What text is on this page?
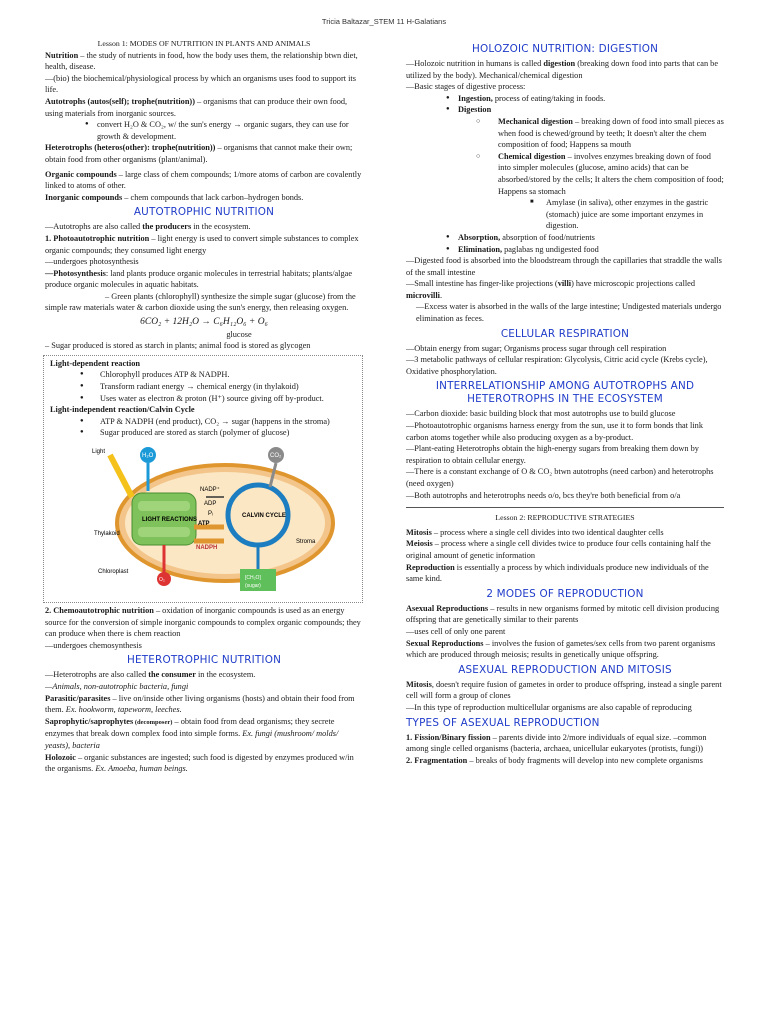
Tricia Baltazar_STEM 11 H-Galatians

Lesson 1: MODES OF NUTRITION IN PLANTS AND ANIMALS

Nutrition – the study of nutrients in food, how the body uses them, the relationship btwn diet, health, disease.

—(bio) the biochemical/physiological process by which an organisms uses food to support its life.

Autotrophs (autos(self); trophe(nutrition)) – organisms that can produce their own food, using materials from inorganic sources.

● convert H₂O & CO₂, w/ the sun's energy → organic sugars, they can use for growth & development.

Heterotrophs (heteros(other): trophe(nutrition)) – organisms that cannot make their own; obtain food from other organisms (plant/animal).

Organic compounds – large class of chem compounds; 1/more atoms of carbon are covalently linked to atoms of other.

Inorganic compounds – chem compounds that lack carbon–hydrogen bonds.

AUTOTROPHIC NUTRITION

—Autotrophs are also called the producers in the ecosystem.

1. Photoautotrophic nutrition – light energy is used to convert simple substances to complex organic compounds; they consumed light energy

—undergoes photosynthesis

—Photosynthesis: land plants produce organic molecules in terrestrial habitats; plants/algae produce organic molecules in aquatic habitats.

– Green plants (chlorophyll) synthesize the simple sugar (glucose) from the simple raw materials water & carbon dioxide using the sun's energy, then releasing oxygen.

6CO₂ + 12H₂O → C₆H₁₂O₆ + O₆

glucose

– Sugar produced is stored as starch in plants; animal food is stored as glycogen

Light-dependent reaction

● Chlorophyll produces ATP & NADPH.
● Transform radiant energy → chemical energy (in thylakoid)
● Uses water as electron & proton (H⁺) source giving off by-product.

Light-independent reaction/Calvin Cycle

● ATP & NADPH (end product), CO₂ → sugar (happens in the stroma)
● Sugar produced are stored as starch (polymer of glucose)
Light
H₂O	CO₂
NADP⁺
ADP
Pᵢ
LIGHT REACTIONS
CALVIN CYCLE
ATP
NADPH
Thylakoid
Stroma
Chloroplast
O₂	[CH₂O]
(sugar)

2. Chemoautotrophic nutrition – oxidation of inorganic compounds is used as an energy source for the conversion of simple inorganic compounds to complex organic compounds; they can produce when there is chem reaction

—undergoes chemosynthesis

HETEROTROPHIC NUTRITION

—Heterotrophs are also called the consumer in the ecosystem.

—Animals, non-autotrophic bacteria, fungi

Parasitic/parasites – live on/inside other living organisms (hosts) and obtain their food from them. Ex. hookworm, tapeworm, leeches.

Saprophytic/saprophytes (decomposer) – obtain food from dead organisms; they secrete enzymes that break down complex food into simple forms. Ex. fungi (mushroom/ molds/ yeasts), bacteria

Holozoic – organic substances are ingested; such food is digested by enzymes produced w/in the organisms. Ex. Amoeba, human beings.

HOLOZOIC NUTRITION: DIGESTION

—Holozoic nutrition in humans is called digestion (breaking down food into parts that can be utilized by the body). Mechanical/chemical digestion

—Basic stages of digestive process:

● Ingestion, process of eating/taking in foods.
● Digestion
○ Mechanical digestion – breaking down of food into small pieces as when food is chewed/ground by teeth; It doesn't alter the chem composition of food; Happens sa mouth
○ Chemical digestion – involves enzymes breaking down of food into simpler molecules (glucose, amino acids) that can be absorbed/stored by the cells; It alters the chem composition of food; Happens sa stomach
■ Amylase (in saliva), other enzymes in the gastric (stomach) juice are some important enzymes in digestion.
● Absorption, absorption of food/nutrients
● Elimination, paglabas ng undigested food

—Digested food is absorbed into the bloodstream through the capillaries that straddle the walls of the small intestine

—Small intestine has finger-like projections (villi) have microscopic projections called microvilli.

—Excess water is absorbed in the walls of the large intestine; Undigested materials undergo elimination as feces.

CELLULAR RESPIRATION

—Obtain energy from sugar; Organisms process sugar through cell respiration

—3 metabolic pathways of cellular respiration: Glycolysis, Citric acid cycle (Krebs cycle), Oxidative phosphorylation.

INTERRELATIONSHIP AMONG AUTOTROPHS AND HETEROTROPHS IN THE ECOSYSTEM

—Carbon dioxide: basic building block that most autotrophs use to build glucose

—Photoautotrophic organisms harness energy from the sun, use it to form bonds that link carbon atoms together while also producing oxygen as a by-product.

—Plant-eating Heterotrophs obtain the high-energy sugars from breaking them down by respiration to obtain cellular energy.

—There is a constant exchange of O & CO₂ btwn autotrophs (need carbon) and heterotrophs (need oxygen)

—Both autotrophs and heterotrophs needs o/o, bcs they're both beneficial from o/a

Lesson 2: REPRODUCTIVE STRATEGIES

Mitosis – process where a single cell divides into two identical daughter cells

Meiosis – process where a single cell divides twice to produce four cells containing half the original amount of genetic information

Reproduction is essentially a process by which individuals produce new individuals of the same kind.

2 MODES OF REPRODUCTION

Asexual Reproductions – results in new organisms formed by mitotic cell division producing offspring that are genetically similar to their parents

—uses cell of only one parent

Sexual Reproductions – involves the fusion of gametes/sex cells from two parent organisms which are produced through meiosis; results in genetically unique offspring.

ASEXUAL REPRODUCTION AND MITOSIS

Mitosis, doesn't require fusion of gametes in order to produce offspring, instead a single parent cell will form a group of clones

—In this type of reproduction multicellular organisms are also capable of reproducing

TYPES OF ASEXUAL REPRODUCTION

1. Fission/Binary fission – parents divide into 2/more individuals of equal size. –common among single celled organisms (bacteria, archaea, unicellular eukaryotes (protists, fungi))

2. Fragmentation – breaks of body fragments will develop into new complete organisms
